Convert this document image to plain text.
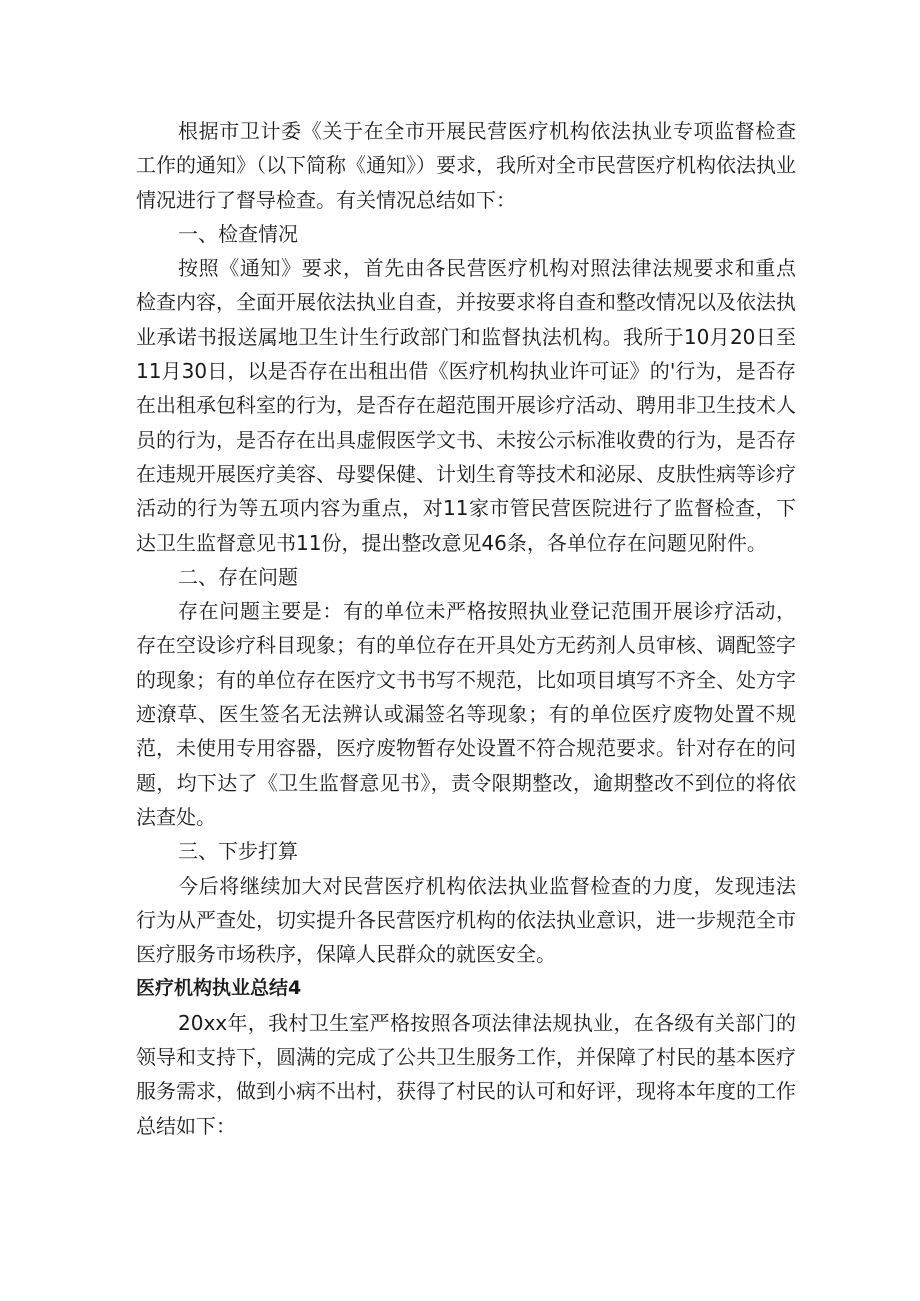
根据市卫计委《关于在全市开展民营医疗机构依法执业专项监督检查工作的通知》（以下简称《通知》）要求，我所对全市民营医疗机构依法执业情况进行了督导检查。有关情况总结如下：

一、检查情况

按照《通知》要求，首先由各民营医疗机构对照法律法规要求和重点检查内容，全面开展依法执业自查，并按要求将自查和整改情况以及依法执业承诺书报送属地卫生计生行政部门和监督执法机构。我所于10月20日至11月30日，以是否存在出租出借《医疗机构执业许可证》的'行为，是否存在出租承包科室的行为，是否存在超范围开展诊疗活动、聘用非卫生技术人员的行为，是否存在出具虚假医学文书、未按公示标准收费的行为，是否存在违规开展医疗美容、母婴保健、计划生育等技术和泌尿、皮肤性病等诊疗活动的行为等五项内容为重点，对11家市管民营医院进行了监督检查，下达卫生监督意见书11份，提出整改意见46条，各单位存在问题见附件。

二、存在问题

存在问题主要是：有的单位未严格按照执业登记范围开展诊疗活动，存在空设诊疗科目现象；有的单位存在开具处方无药剂人员审核、调配签字的现象；有的单位存在医疗文书书写不规范，比如项目填写不齐全、处方字迹潦草、医生签名无法辨认或漏签名等现象；有的单位医疗废物处置不规范，未使用专用容器，医疗废物暂存处设置不符合规范要求。针对存在的问题，均下达了《卫生监督意见书》，责令限期整改，逾期整改不到位的将依法查处。

三、下步打算

今后将继续加大对民营医疗机构依法执业监督检查的力度，发现违法行为从严查处，切实提升各民营医疗机构的依法执业意识，进一步规范全市医疗服务市场秩序，保障人民群众的就医安全。

医疗机构执业总结4

20xx年，我村卫生室严格按照各项法律法规执业，在各级有关部门的领导和支持下，圆满的完成了公共卫生服务工作，并保障了村民的基本医疗服务需求，做到小病不出村，获得了村民的认可和好评，现将本年度的工作总结如下：
